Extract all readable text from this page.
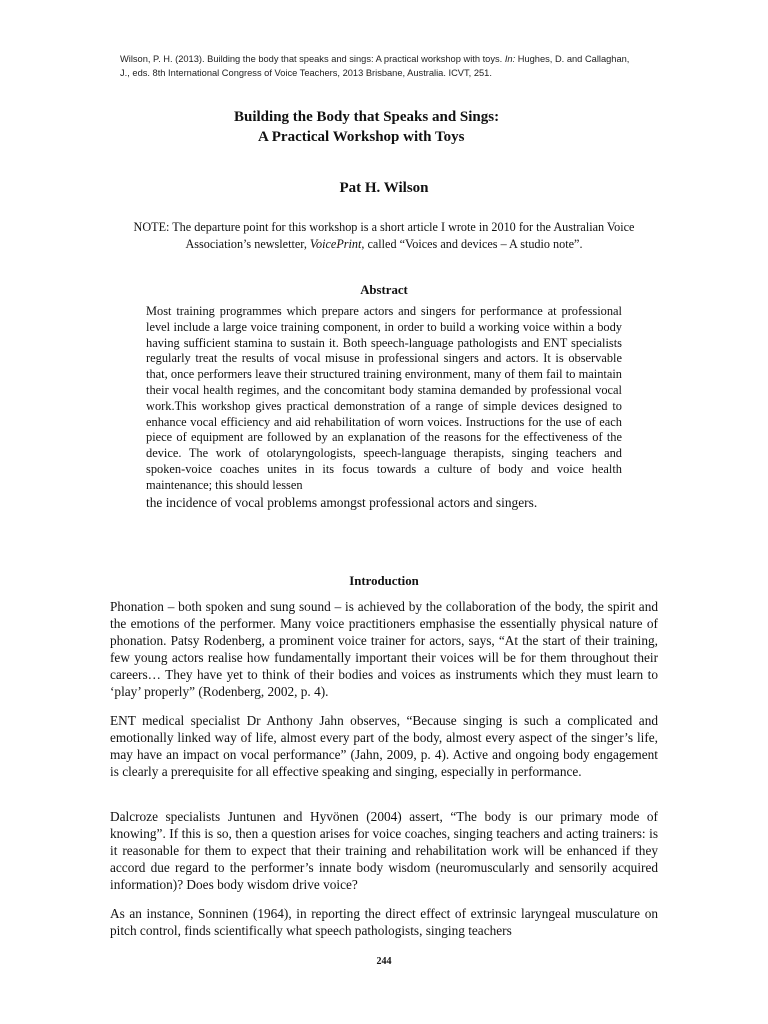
Wilson, P. H. (2013). Building the body that speaks and sings: A practical workshop with toys. In: Hughes, D. and Callaghan, J., eds. 8th International Congress of Voice Teachers, 2013 Brisbane, Australia. ICVT, 251.
Building the Body that Speaks and Sings:
A Practical Workshop with Toys
Pat H. Wilson
NOTE: The departure point for this workshop is a short article I wrote in 2010 for the Australian Voice Association’s newsletter, VoicePrint, called “Voices and devices – A studio note”.
Abstract
Most training programmes which prepare actors and singers for performance at professional level include a large voice training component, in order to build a working voice within a body having sufficient stamina to sustain it. Both speech-language pathologists and ENT specialists regularly treat the results of vocal misuse in professional singers and actors. It is observable that, once performers leave their structured training environment, many of them fail to maintain their vocal health regimes, and the concomitant body stamina demanded by professional vocal work.This workshop gives practical demonstration of a range of simple devices designed to enhance vocal efficiency and aid rehabilitation of worn voices. Instructions for the use of each piece of equipment are followed by an explanation of the reasons for the effectiveness of the device. The work of otolaryngologists, speech-language therapists, singing teachers and spoken-voice coaches unites in its focus towards a culture of body and voice health maintenance; this should lessen
the incidence of vocal problems amongst professional actors and singers.
Introduction
Phonation – both spoken and sung sound – is achieved by the collaboration of the body, the spirit and the emotions of the performer. Many voice practitioners emphasise the essentially physical nature of phonation. Patsy Rodenberg, a prominent voice trainer for actors, says, “At the start of their training, few young actors realise how fundamentally important their voices will be for them throughout their careers… They have yet to think of their bodies and voices as instruments which they must learn to ‘play’ properly” (Rodenberg, 2002, p. 4).
ENT medical specialist Dr Anthony Jahn observes, “Because singing is such a complicated and emotionally linked way of life, almost every part of the body, almost every aspect of the singer’s life, may have an impact on vocal performance” (Jahn, 2009, p. 4). Active and ongoing body engagement is clearly a prerequisite for all effective speaking and singing, especially in performance.
Dalcroze specialists Juntunen and Hyvönen (2004) assert, “The body is our primary mode of knowing”. If this is so, then a question arises for voice coaches, singing teachers and acting trainers: is it reasonable for them to expect that their training and rehabilitation work will be enhanced if they accord due regard to the performer’s innate body wisdom (neuromuscularly and sensorily acquired information)? Does body wisdom drive voice?
As an instance, Sonninen (1964), in reporting the direct effect of extrinsic laryngeal musculature on pitch control, finds scientifically what speech pathologists, singing teachers
244
